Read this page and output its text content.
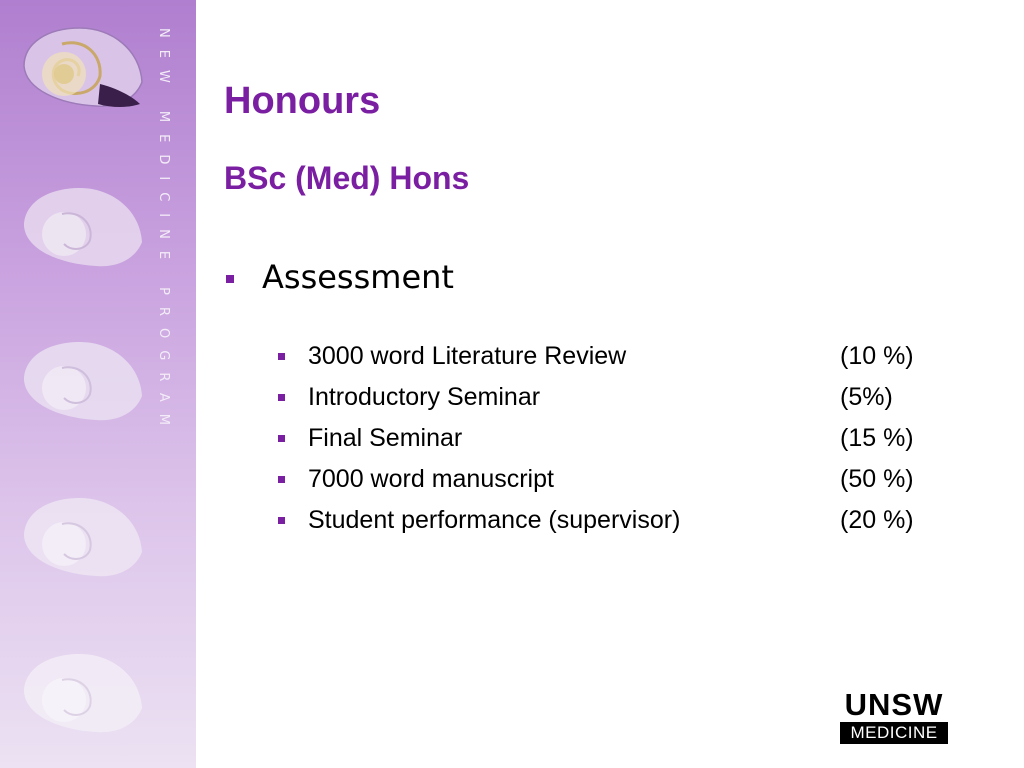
NEW MEDICINE PROGRAM Honours
BSc (Med) Hons
Assessment
3000 word Literature Review	(10 %)
Introductory Seminar	(5%)
Final Seminar	(15 %)
7000 word manuscript	(50 %)
Student performance (supervisor)	(20 %)
UNSW
MEDICINE
